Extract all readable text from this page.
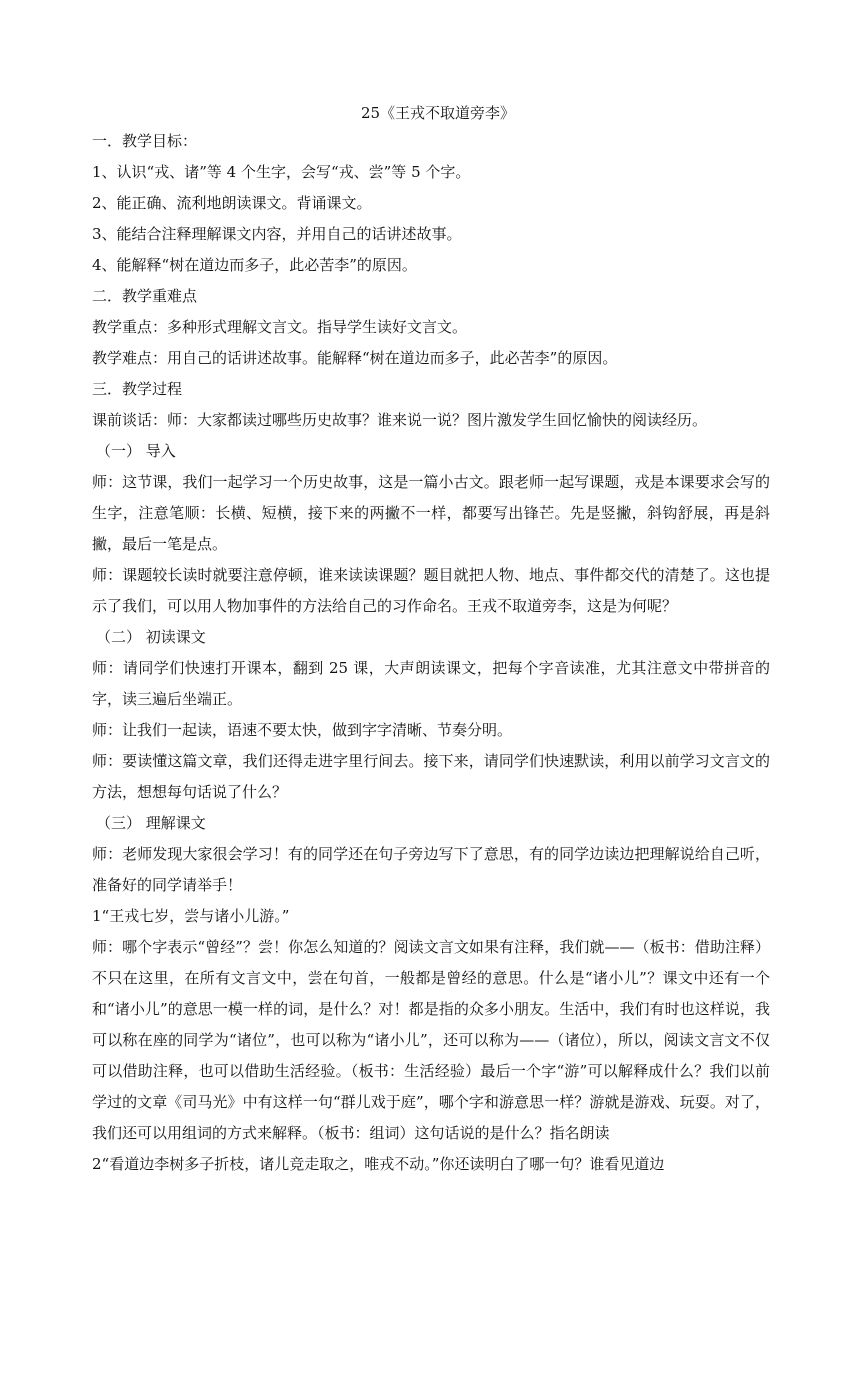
25《王戎不取道旁李》

一．教学目标：

1、认识“戎、诸”等 4 个生字，会写“戎、尝”等 5 个字。

2、能正确、流利地朗读课文。背诵课文。

3、能结合注释理解课文内容，并用自己的话讲述故事。

4、能解释“树在道边而多子，此必苦李”的原因。

二．教学重难点

教学重点：多种形式理解文言文。指导学生读好文言文。

教学难点：用自己的话讲述故事。能解释“树在道边而多子，此必苦李”的原因。

三．教学过程

课前谈话：师：大家都读过哪些历史故事？谁来说一说？图片激发学生回忆愉快的阅读经历。

（一） 导入

师：这节课，我们一起学习一个历史故事，这是一篇小古文。跟老师一起写课题，戎是本课要求会写的生字，注意笔顺：长横、短横，接下来的两撇不一样，都要写出锋芒。先是竖撇，斜钩舒展，再是斜撇，最后一笔是点。

师：课题较长读时就要注意停顿，谁来读读课题？题目就把人物、地点、事件都交代的清楚了。这也提示了我们，可以用人物加事件的方法给自己的习作命名。王戎不取道旁李，这是为何呢？

（二） 初读课文

师：请同学们快速打开课本，翻到 25 课，大声朗读课文，把每个字音读准，尤其注意文中带拼音的字，读三遍后坐端正。

师：让我们一起读，语速不要太快，做到字字清晰、节奏分明。

师：要读懂这篇文章，我们还得走进字里行间去。接下来，请同学们快速默读，利用以前学习文言文的方法，想想每句话说了什么？

（三） 理解课文

师：老师发现大家很会学习！有的同学还在句子旁边写下了意思，有的同学边读边把理解说给自己听，准备好的同学请举手！

1“王戎七岁，尝与诸小儿游。”

师：哪个字表示“曾经”？尝！你怎么知道的？阅读文言文如果有注释，我们就——（板书：借助注释）不只在这里，在所有文言文中，尝在句首，一般都是曾经的意思。什么是“诸小儿”？课文中还有一个和“诸小儿”的意思一模一样的词，是什么？对！都是指的众多小朋友。生活中，我们有时也这样说，我可以称在座的同学为“诸位”，也可以称为“诸小儿”，还可以称为——（诸位），所以，阅读文言文不仅可以借助注释，也可以借助生活经验。（板书：生活经验）最后一个字“游”可以解释成什么？我们以前学过的文章《司马光》中有这样一句“群儿戏于庭”，哪个字和游意思一样？游就是游戏、玩耍。对了，我们还可以用组词的方式来解释。（板书：组词）这句话说的是什么？指名朗读

2“看道边李树多子折枝，诸儿竞走取之，唯戎不动。”你还读明白了哪一句？谁看见道边
